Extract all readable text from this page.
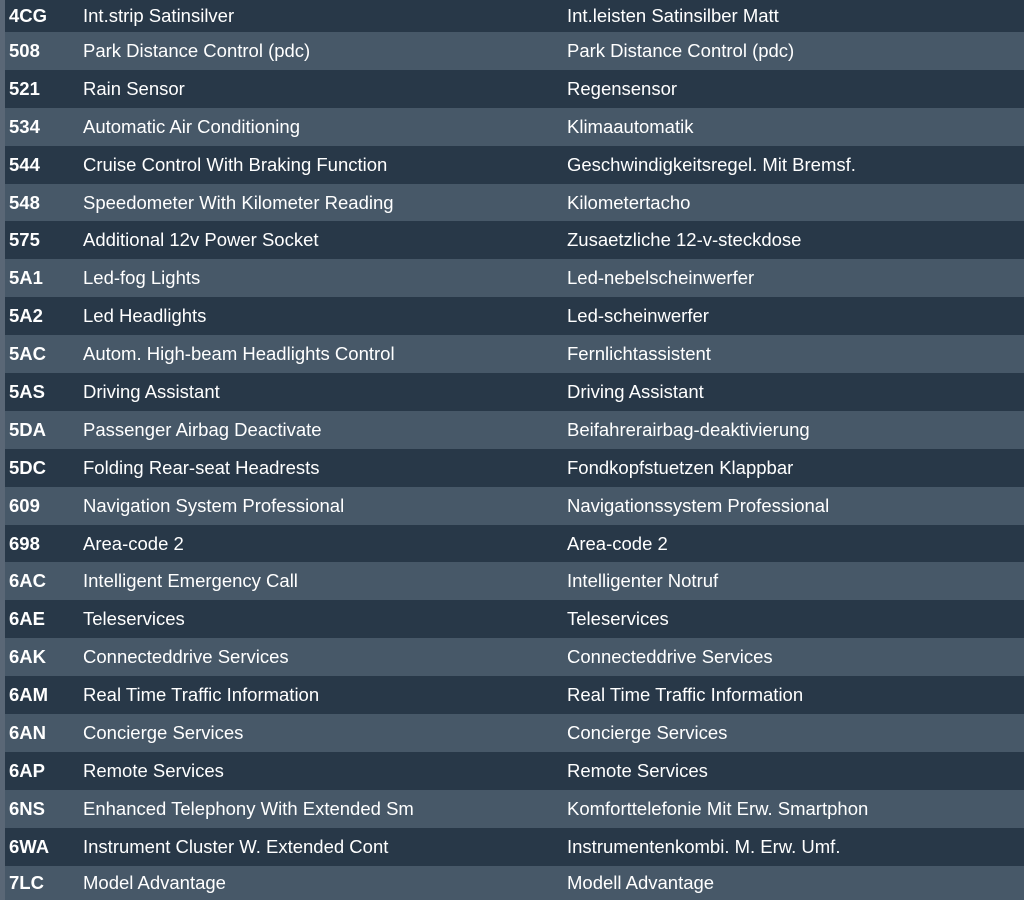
4CG	Int.strip Satinsilver	Int.leisten Satinsilber Matt
508	Park Distance Control (pdc)	Park Distance Control (pdc)
521	Rain Sensor	Regensensor
534	Automatic Air Conditioning	Klimaautomatik
544	Cruise Control With Braking Function	Geschwindigkeitsregel. Mit Bremsf.
548	Speedometer With Kilometer Reading	Kilometertacho
575	Additional 12v Power Socket	Zusaetzliche 12-v-steckdose
5A1	Led-fog Lights	Led-nebelscheinwerfer
5A2	Led Headlights	Led-scheinwerfer
5AC	Autom. High-beam Headlights Control	Fernlichtassistent
5AS	Driving Assistant	Driving Assistant
5DA	Passenger Airbag Deactivate	Beifahrerairbag-deaktivierung
5DC	Folding Rear-seat Headrests	Fondkopfstuetzen Klappbar
609	Navigation System Professional	Navigationssystem Professional
698	Area-code 2	Area-code 2
6AC	Intelligent Emergency Call	Intelligenter Notruf
6AE	Teleservices	Teleservices
6AK	Connecteddrive Services	Connecteddrive Services
6AM	Real Time Traffic Information	Real Time Traffic Information
6AN	Concierge Services	Concierge Services
6AP	Remote Services	Remote Services
6NS	Enhanced Telephony With Extended Sm	Komforttelefonie Mit Erw. Smartphon
6WA	Instrument Cluster W. Extended Cont	Instrumentenkombi. M. Erw. Umf.
7LC	Model Advantage	Modell Advantage
